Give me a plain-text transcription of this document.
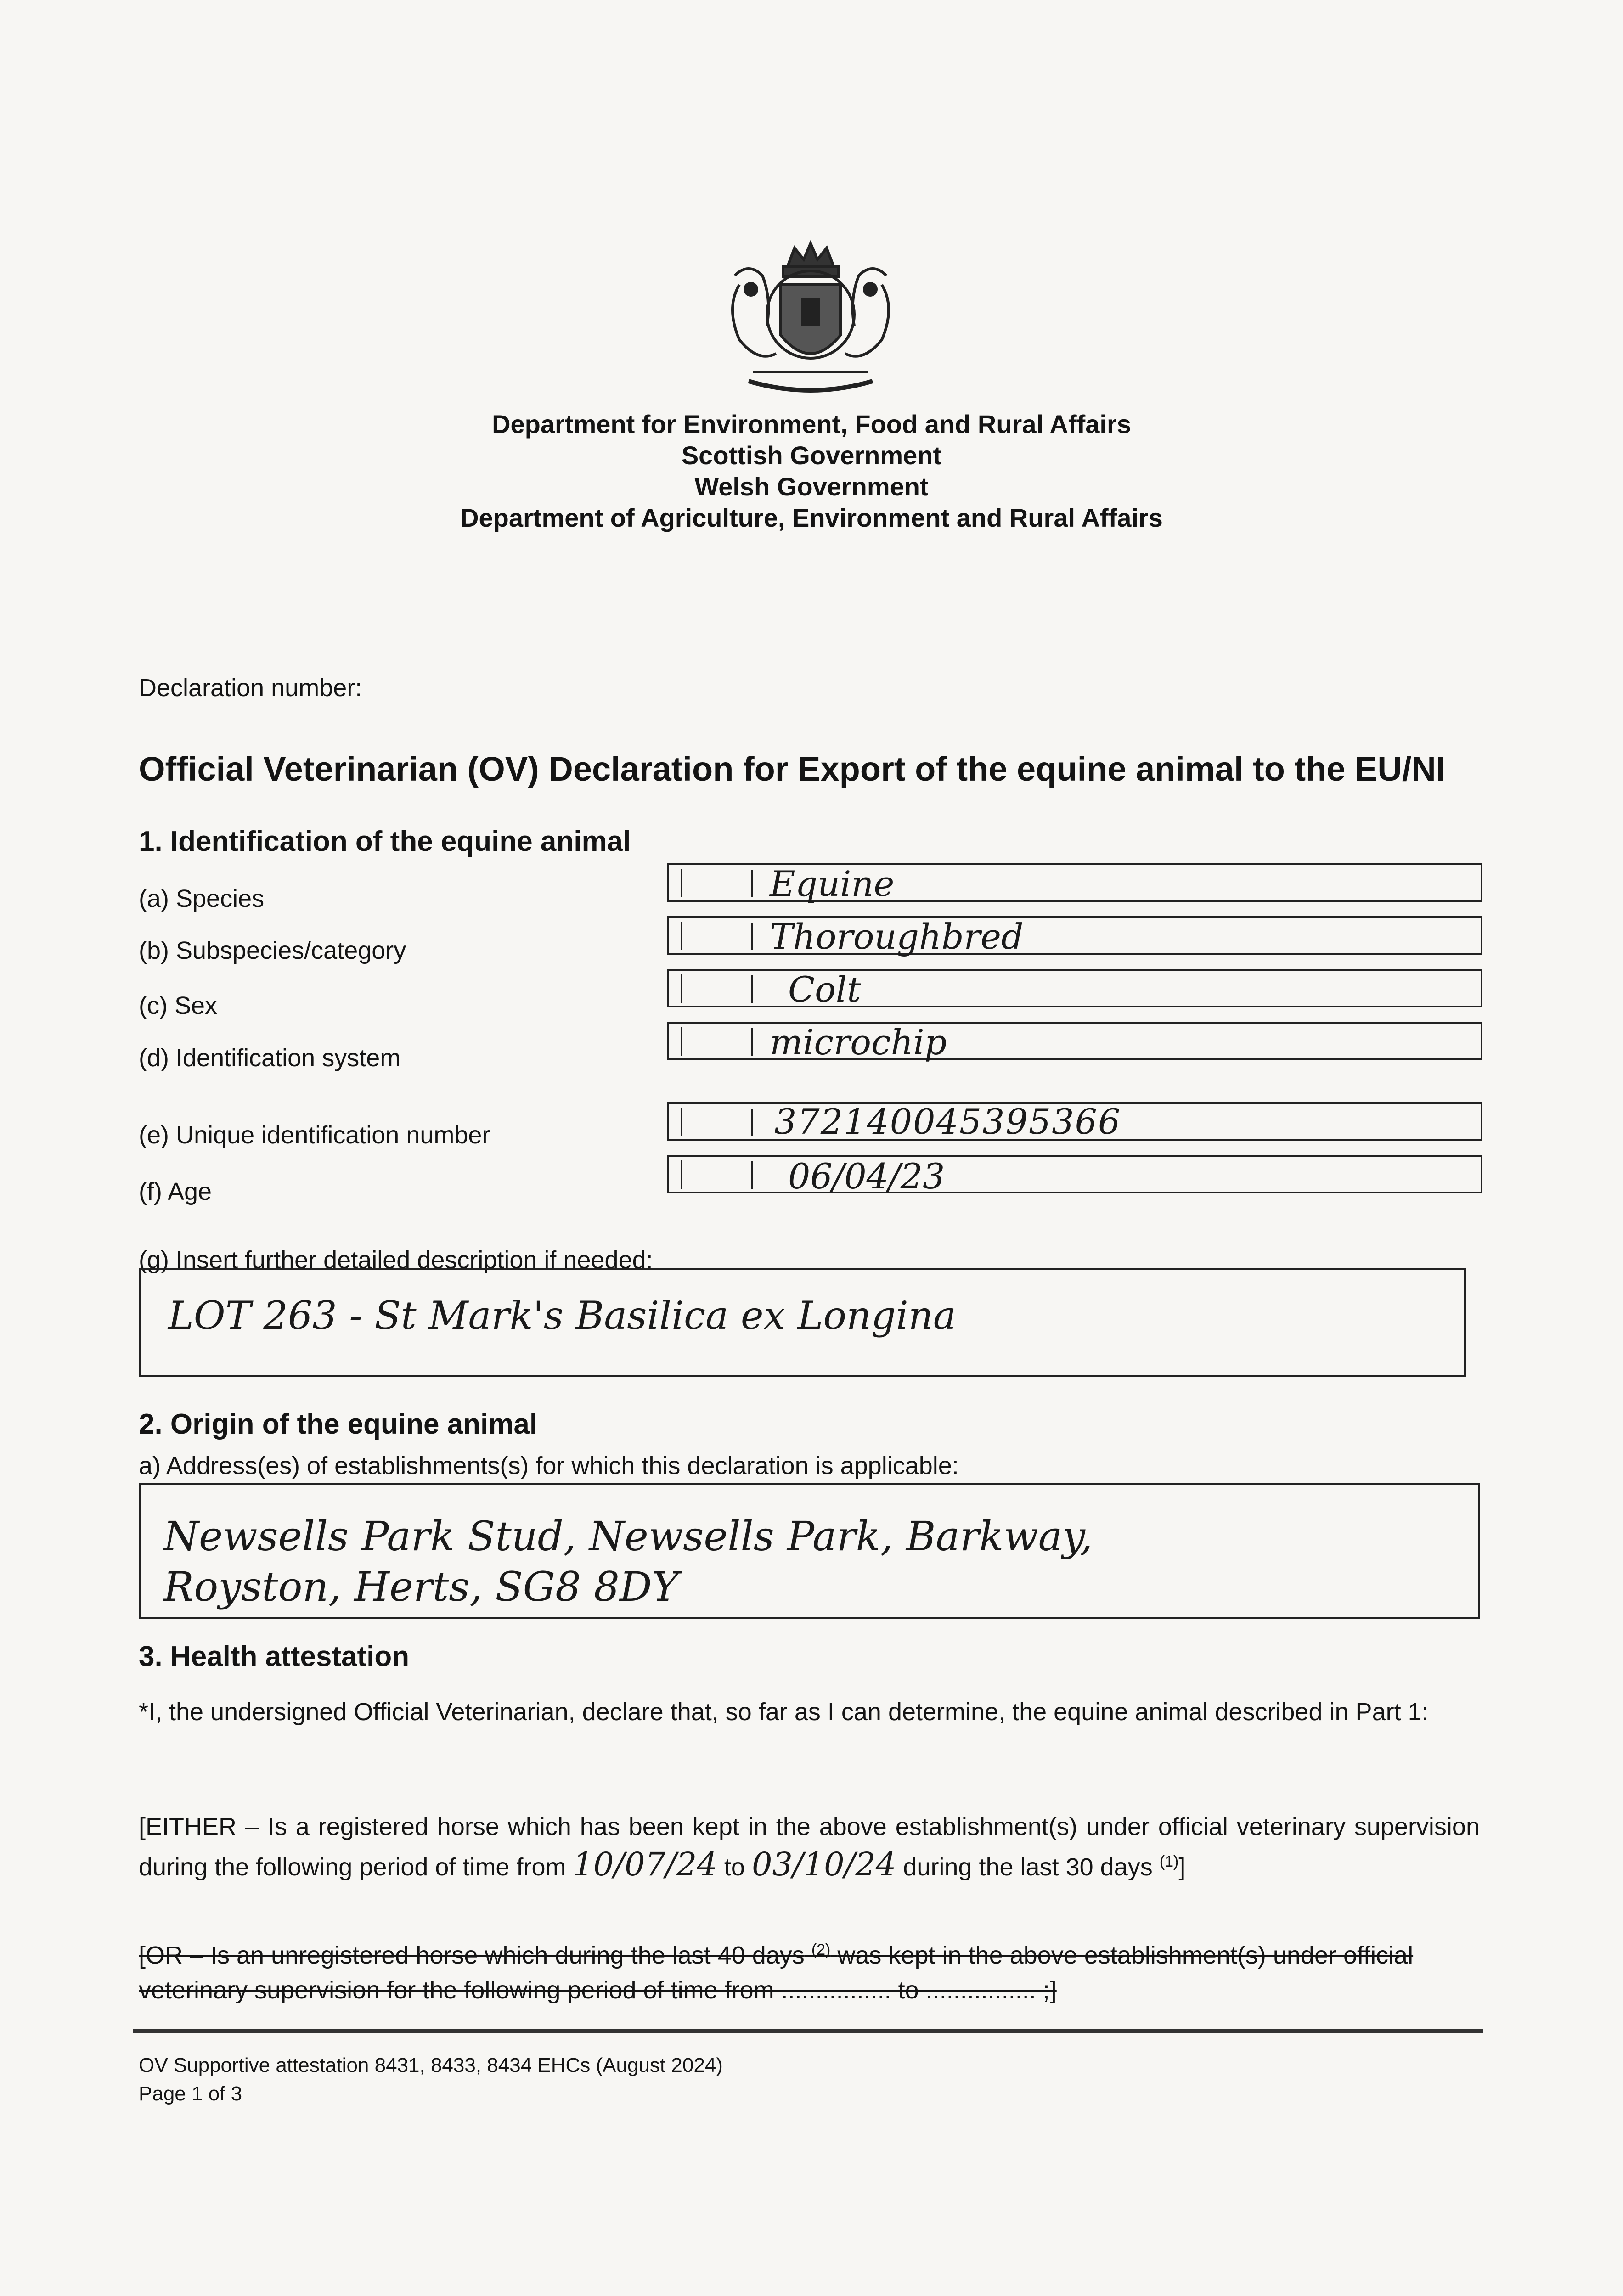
Department for Environment, Food and Rural Affairs
Scottish Government
Welsh Government
Department of Agriculture, Environment and Rural Affairs
Declaration number:
Official Veterinarian (OV) Declaration for Export of the equine animal to the EU/NI
1. Identification of the equine animal
(a) Species	Equine
(b) Subspecies/category	Thoroughbred
(c) Sex	Colt
(d) Identification system	microchip
(e) Unique identification number	372140045395366
(f) Age	06/04/23
(g) Insert further detailed description if needed:
LOT 263 - St Mark's Basilica ex Longina
2. Origin of the equine animal
a) Address(es) of establishments(s) for which this declaration is applicable:
Newsells Park Stud, Newsells Park, Barkway,
Royston, Herts, SG8 8DY
3. Health attestation
*I, the undersigned Official Veterinarian, declare that, so far as I can determine, the equine animal described in Part 1:
[EITHER – Is a registered horse which has been kept in the above establishment(s) under official veterinary supervision during the following period of time from 10/07/24 to 03/10/24 during the last 30 days $^{(1)}$]
[OR – Is an unregistered horse which during the last 40 days $^{(2)}$ was kept in the above establishment(s) under official veterinary supervision for the following period of time from ................ to ................ ;]
OV Supportive attestation 8431, 8433, 8434 EHCs (August 2024)
Page 1 of 3
